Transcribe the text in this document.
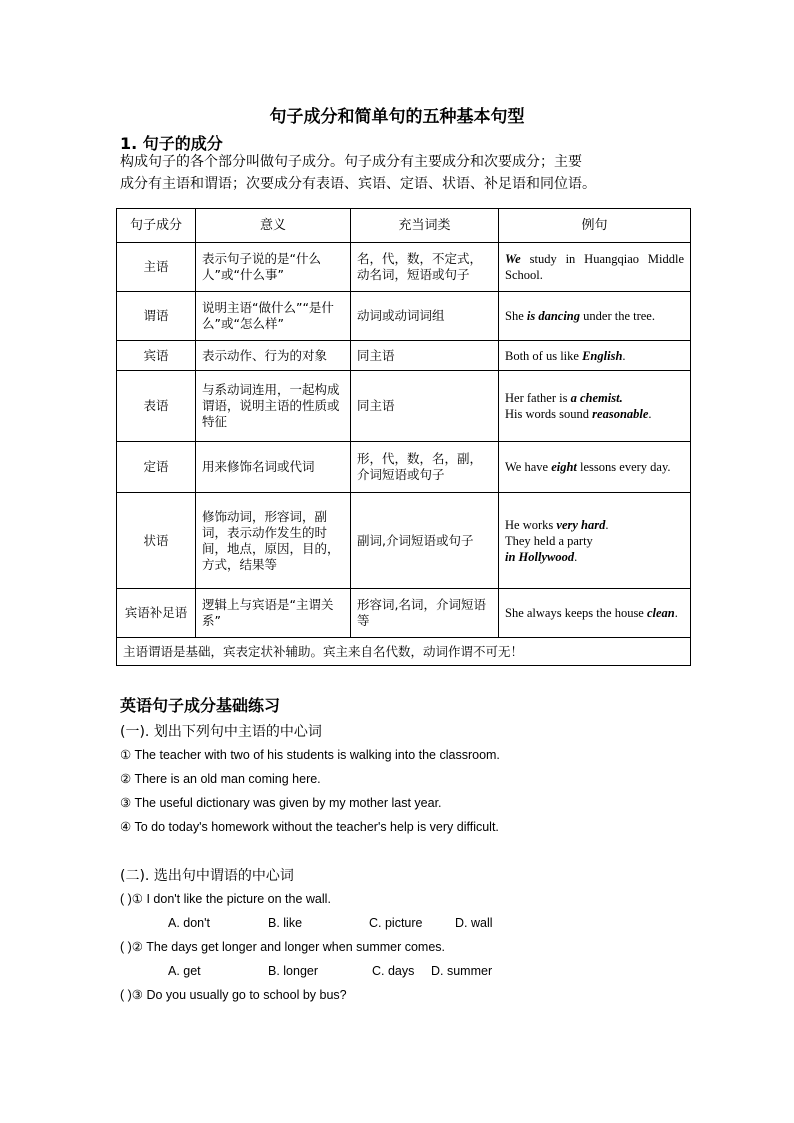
句子成分和简单句的五种基本句型
1. 句子的成分
构成句子的各个部分叫做句子成分。句子成分有主要成分和次要成分；主要
成分有主语和谓语；次要成分有表语、宾语、定语、状语、补足语和同位语。
句子成分	意义	充当词类	例句
主语	表示句子说的是“什么人”或“什么事”	名，代，数，不定式，动名词，短语或句子	We study in Huangqiao Middle School.
谓语	说明主语“做什么”“是什么”或“怎么样”	动词或动词词组	She is dancing under the tree.
宾语	表示动作、行为的对象	同主语	Both of us like English.
表语	与系动词连用，一起构成谓语，说明主语的性质或特征	同主语	Her father is a chemist.
His words sound reasonable.
定语	用来修饰名词或代词	形，代，数，名，副，介词短语或句子	We have eight lessons every day.
状语	修饰动词，形容词，副词，表示动作发生的时间，地点，原因，目的，方式，结果等	副词,介词短语或句子	He works very hard.
They held a party
in Hollywood.
宾语补足语	逻辑上与宾语是“主谓关系”	形容词,名词，介词短语等	She always keeps the house clean.
主语谓语是基础，宾表定状补辅助。宾主来自名代数，动词作谓不可无！			
英语句子成分基础练习
(一). 划出下列句中主语的中心词
① The teacher with two of his students is walking into the classroom.
② There is an old man coming here.
③ The useful dictionary was given by my mother last year.
④ To do today's homework without the teacher's help is very difficult.
(二). 选出句中谓语的中心词
( )① I don't like the picture on the wall.
A. don't	B. like	C. picture	D. wall
( )② The days get longer and longer when summer comes.
A. get	B. longer	C. days D. summer
( )③ Do you usually go to school by bus?
